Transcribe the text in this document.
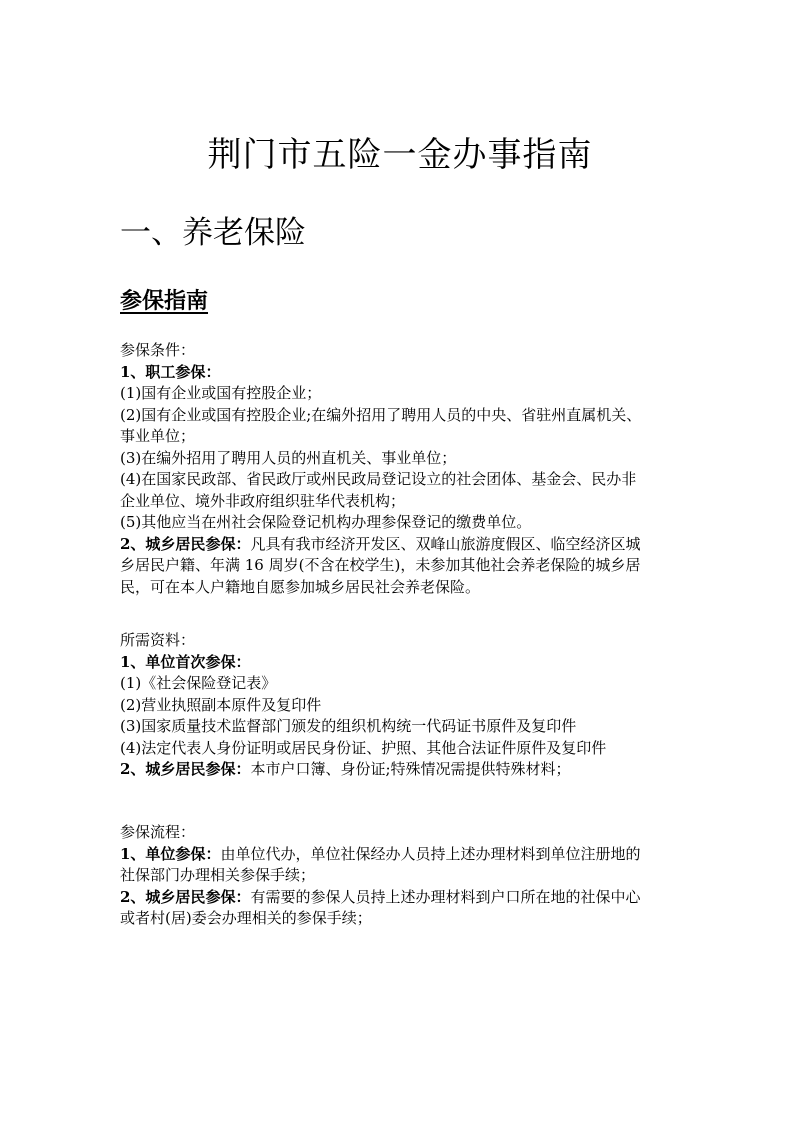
荆门市五险一金办事指南
一、养老保险
参保指南
参保条件：
1、职工参保：
(1)国有企业或国有控股企业；
(2)国有企业或国有控股企业;在编外招用了聘用人员的中央、省驻州直属机关、
事业单位；
(3)在编外招用了聘用人员的州直机关、事业单位；
(4)在国家民政部、省民政厅或州民政局登记设立的社会团体、基金会、民办非
企业单位、境外非政府组织驻华代表机构；
(5)其他应当在州社会保险登记机构办理参保登记的缴费单位。
2、城乡居民参保：凡具有我市经济开发区、双峰山旅游度假区、临空经济区城
乡居民户籍、年满 16 周岁(不含在校学生)，未参加其他社会养老保险的城乡居
民，可在本人户籍地自愿参加城乡居民社会养老保险。
所需资料：
1、单位首次参保：
(1)《社会保险登记表》
(2)营业执照副本原件及复印件
(3)国家质量技术监督部门颁发的组织机构统一代码证书原件及复印件
(4)法定代表人身份证明或居民身份证、护照、其他合法证件原件及复印件
2、城乡居民参保：本市户口簿、身份证;特殊情况需提供特殊材料；
参保流程：
1、单位参保：由单位代办，单位社保经办人员持上述办理材料到单位注册地的
社保部门办理相关参保手续；
2、城乡居民参保：有需要的参保人员持上述办理材料到户口所在地的社保中心
或者村(居)委会办理相关的参保手续；
